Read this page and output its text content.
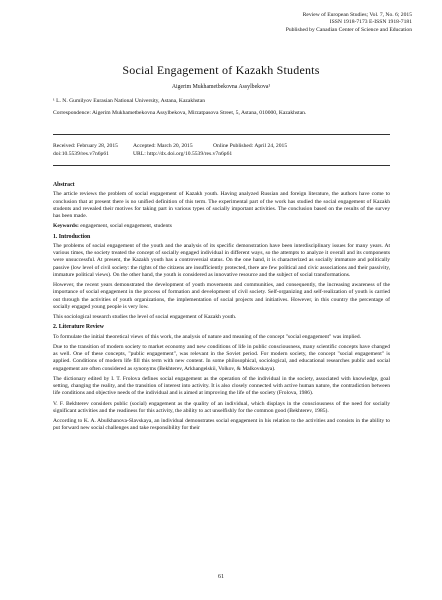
Review of European Studies; Vol. 7, No. 6; 2015
ISSN 1918-7173 E-ISSN 1918-7181
Published by Canadian Center of Science and Education
Social Engagement of Kazakh Students
Aigerim Mukhametbekovna Assylbekova¹
¹ L. N. Gumilyov Eurasian National University, Astana, Kazakhstan
Correspondence: Aigerim Mukhametbekovna Assylbekova, Mirzatpasova Street, 5, Astana, 010000, Kazakhstan.
Received: February 28, 2015	Accepted: March 20, 2015	Online Published: April 24, 2015
doi:10.5539/res.v7n6p61	URL: http://dx.doi.org/10.5539/res.v7n6p61
Abstract

The article reviews the problem of social engagement of Kazakh youth. Having analyzed Russian and foreign literature, the authors have come to conclusion that at present there is no unified definition of this term. The experimental part of the work has studied the social engagement of Kazakh students and revealed their motives for taking part in various types of socially important activities. The conclusion based on the results of the survey has been made.

Keywords: engagement, social engagement, students

1. Introduction

The problems of social engagement of the youth and the analysis of its specific demonstration have been interdisciplinary issues for many years. At various times, the society treated the concept of socially engaged individual in different ways, so the attempts to analyze it overall and its components were unsuccessful. At present, the Kazakh youth has a controversial status. On the one hand, it is characterized as socially immature and politically passive (low level of civil society: the rights of the citizens are insufficiently protected, there are few political and civic associations and their passivity, immature political views). On the other hand, the youth is considered as innovative resource and the subject of social transformations.

However, the recent years demonstrated the development of youth movements and communities, and consequently, the increasing awareness of the importance of social engagement in the process of formation and development of civil society. Self-organizing and self-realization of youth is carried out through the activities of youth organizations, the implementation of social projects and initiatives. However, in this country the percentage of socially engaged young people is very low.

This sociological research studies the level of social engagement of Kazakh youth.

2. Literature Review

To formulate the initial theoretical views of this work, the analysis of nature and meaning of the concept "social engagement" was implied.

Due to the transition of modern society to market economy and new conditions of life in public consciousness, many scientific concepts have changed as well. One of these concepts, "public engagement", was relevant in the Soviet period. For modern society, the concept "social engagement" is applied. Conditions of modern life fill this term with new content. In some philosophical, sociological, and educational researches public and social engagement are often considered as synonyms (Bekhterev, Arkhangelskii, Volkov, & Malkovskaya).

The dictionary edited by I. T. Frolova defines social engagement as the operation of the individual in the society, associated with knowledge, goal setting, changing the reality, and the transition of interest into activity. It is also closely connected with active human nature, the contradiction between life conditions and objective needs of the individual and is aimed at improving the life of the society (Frolova, 1986).

V. F. Bekhterev considers public (social) engagement as the quality of an individual, which displays in the consciousness of the need for socially significant activities and the readiness for this activity, the ability to act unselfishly for the common good (Bekhterev, 1985).

According to K. A. Abulkhanova-Slavskaya, an individual demonstrates social engagement in his relation to the activities and consists in the ability to put forward new social challenges and take responsibility for their

61
